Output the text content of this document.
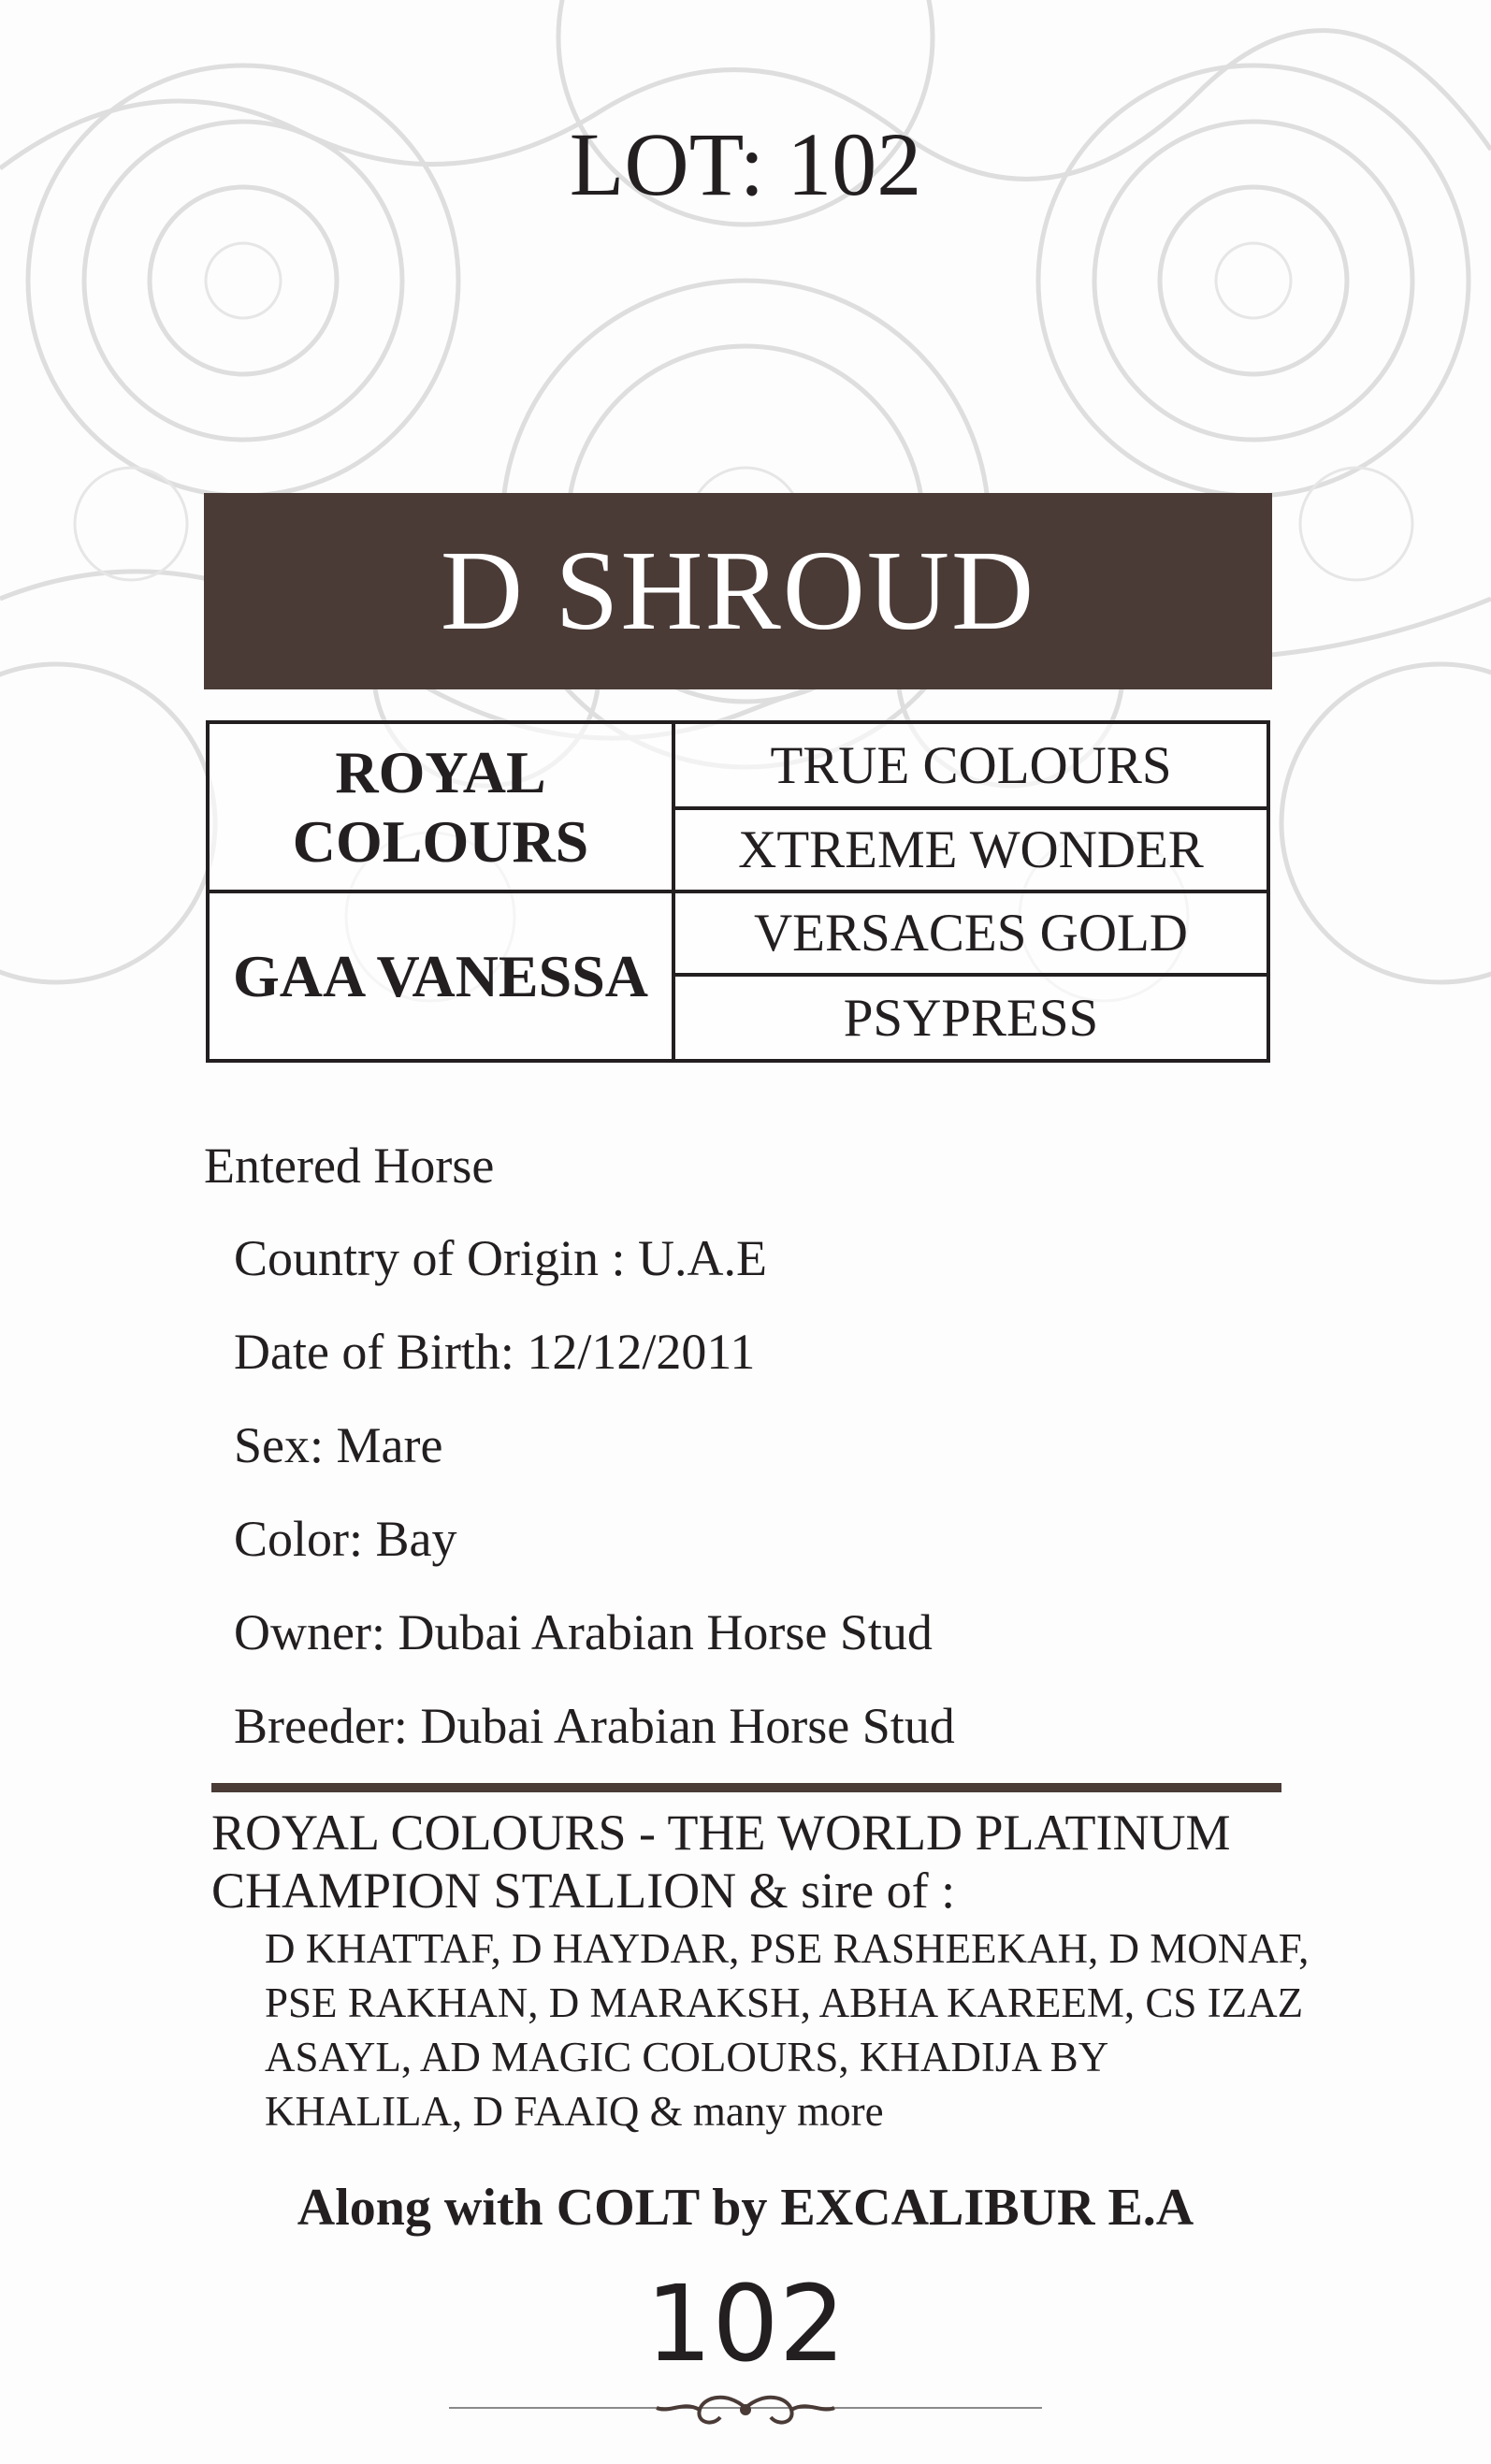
LOT: 102
D SHROUD
ROYAL COLOURS
GAA VANESSA
TRUE COLOURS
XTREME WONDER
VERSACES GOLD
PSYPRESS
Entered Horse
Country of Origin : U.A.E
Date of Birth: 12/12/2011
Sex: Mare
Color: Bay
Owner: Dubai Arabian Horse Stud
Breeder: Dubai Arabian Horse Stud
ROYAL COLOURS - THE WORLD PLATINUM
CHAMPION STALLION & sire of :
D KHATTAF, D HAYDAR, PSE RASHEEKAH, D MONAF,
PSE RAKHAN, D MARAKSH, ABHA KAREEM, CS IZAZ
ASAYL, AD MAGIC COLOURS, KHADIJA BY
KHALILA, D FAAIQ & many more
Along with COLT by EXCALIBUR E.A
102
